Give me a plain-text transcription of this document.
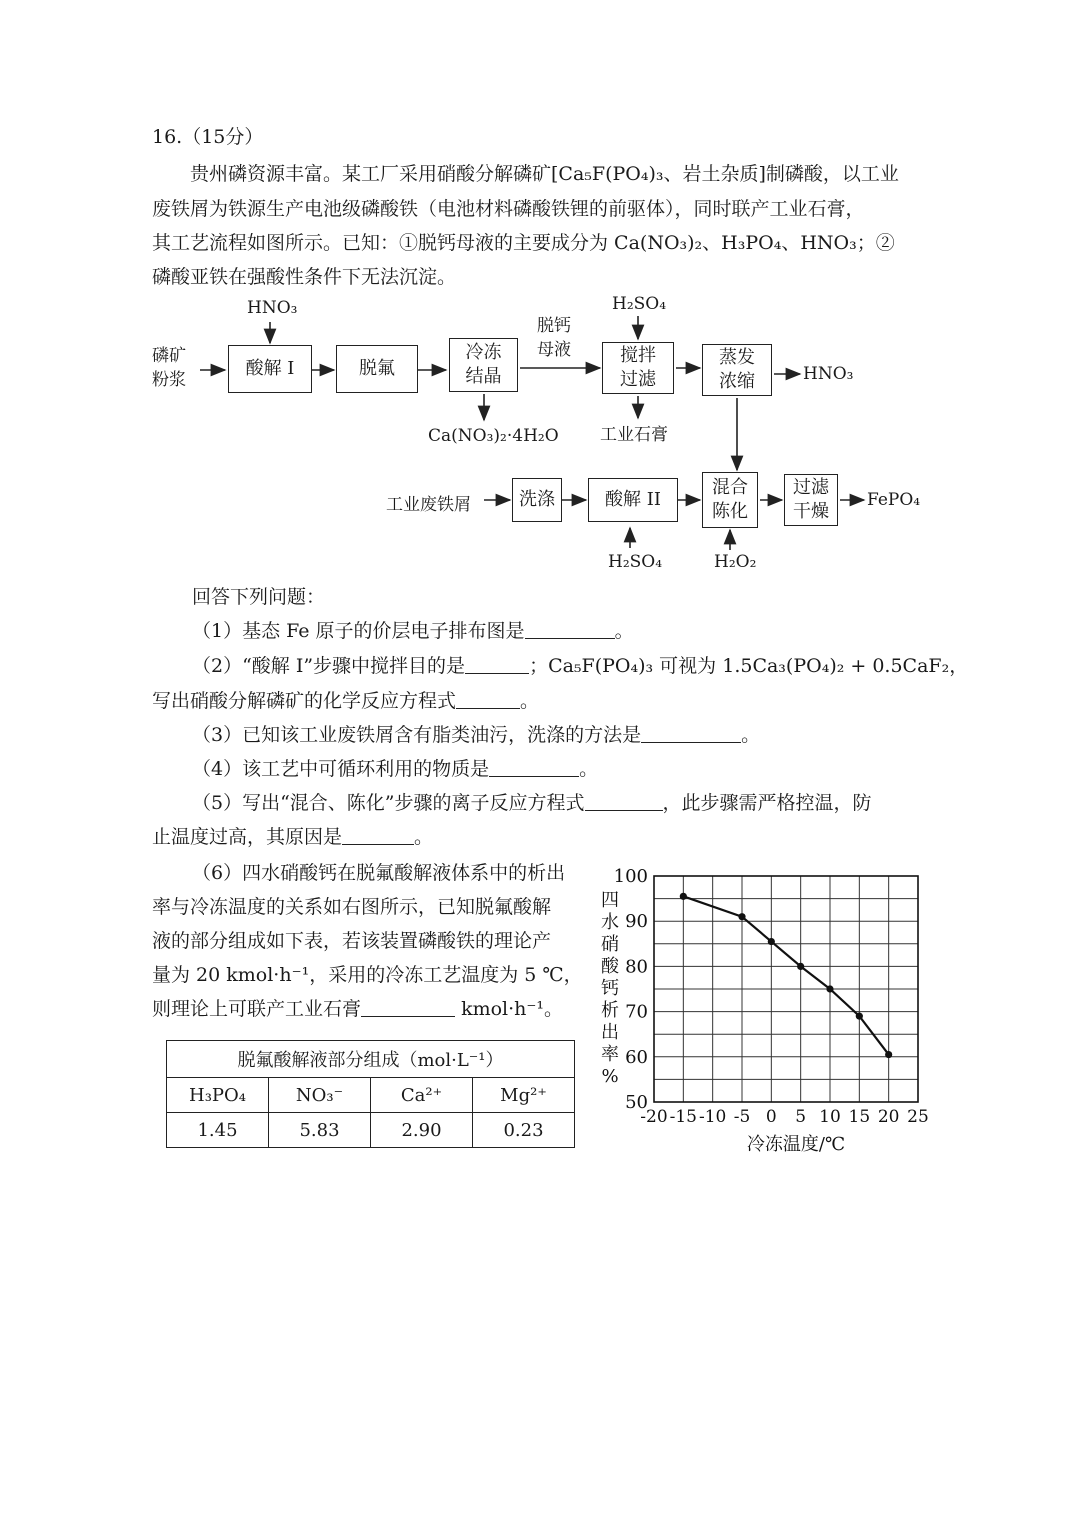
16.（15分）
贵州磷资源丰富。某工厂采用硝酸分解磷矿[Ca₅F(PO₄)₃、岩土杂质]制磷酸，以工业
废铁屑为铁源生产电池级磷酸铁（电池材料磷酸铁锂的前驱体），同时联产工业石膏，
其工艺流程如图所示。已知：①脱钙母液的主要成分为 Ca(NO₃)₂、H₃PO₄、HNO₃；②
磷酸亚铁在强酸性条件下无法沉淀。
磷矿粉浆
HNO₃
酸解 I	脱氟
冷冻结晶
脱钙母液
Ca(NO₃)₂·4H₂O
H₂SO₄
搅拌过滤
工业石膏
蒸发浓缩	HNO₃
工业废铁屑	洗涤	酸解 II
H₂SO₄
混合陈化
H₂O₂
过滤干燥
FePO₄
回答下列问题：
（1）基态 Fe 原子的价层电子排布图是	。
（2）“酸解 I”步骤中搅拌目的是	；Ca₅F(PO₄)₃ 可视为 1.5Ca₃(PO₄)₂ + 0.5CaF₂，
写出硝酸分解磷矿的化学反应方程式	。
（3）已知该工业废铁屑含有脂类油污，洗涤的方法是	。
（4）该工艺中可循环利用的物质是	。
（5）写出“混合、陈化”步骤的离子反应方程式	，此步骤需严格控温，防
止温度过高，其原因是	。
（6）四水硝酸钙在脱氟酸解液体系中的析出
率与冷冻温度的关系如右图所示，已知脱氟酸解
液的部分组成如下表，若该装置磷酸铁的理论产
量为 20 kmol·h⁻¹，采用的冷冻工艺温度为 5 ℃，
则理论上可联产工业石膏	kmol·h⁻¹。
脱氟酸解液部分组成（mol·L⁻¹）			
H₃PO₄	NO₃⁻	Ca²⁺	Mg²⁺
1.45	5.83	2.90	0.23
50
60
70
80
90
100
-20 -15 -10 -5 0 5 10 15 20 25
冷冻温度/℃
四
水
硝
酸
钙
析
出
率
%
